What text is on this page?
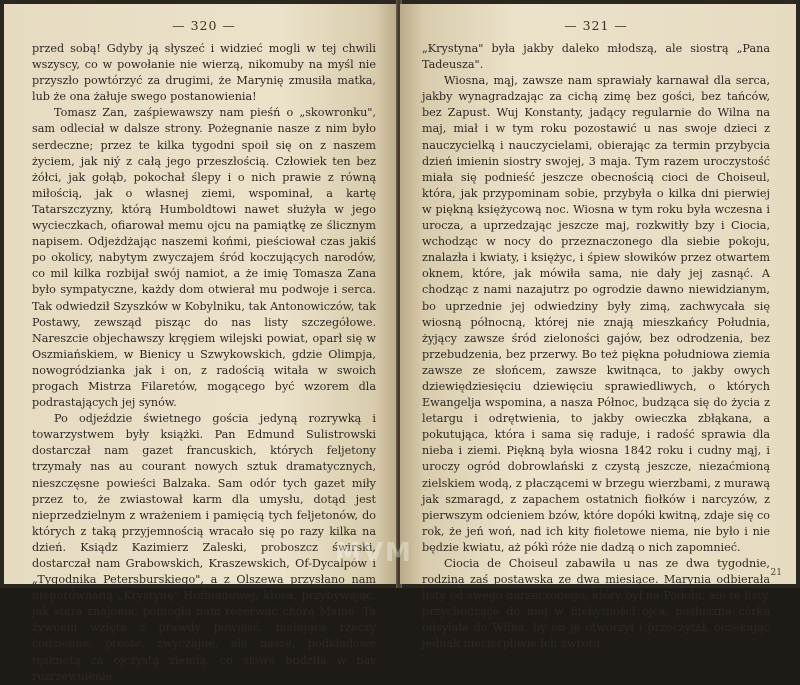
— 320 —

przed sobą! Gdyby ją słyszeć i widzieć mogli w tej chwili wszyscy, co w powołanie nie wierzą, nikomuby na myśl nie przyszło powtórzyć za drugimi, że Marynię zmusiła matka, lub że ona żałuje swego postanowienia!

Tomasz Zan, zaśpiewawszy nam pieśń o „skowronku", sam odleciał w dalsze strony. Pożegnanie nasze z nim było serdeczne; przez te kilka tygodni spoił się on z naszem życiem, jak niý z całą jego przeszłością. Człowiek ten bez żółci, jak gołąb, pokochał ślepy i o nich prawie z równą miłością, jak o własnej ziemi, wspominał, a kartę Tatarszczyzny, którą Humboldtowi nawet służyła w jego wycieczkach, ofiarował memu ojcu na pamiątkę ze ślicznym napisem. Odjeżdżając naszemi końmi, pieściował czas jakiś po okolicy, nabytym zwyczajem śród koczujących narodów, co mil kilka rozbijał swój namiot, a że imię Tomasza Zana było sympatyczne, każdy dom otwierał mu podwoje i serca. Tak odwiedził Szyszków w Kobylniku, tak Antonowiczów, tak Postawy, zewsząd pisząc do nas listy szczegółowe. Nareszcie objechawszy kręgiem wilejski powiat, oparł się w Oszmiańskiem, w Bienicy u Szwykowskich, gdzie Olimpja, nowogródzianka jak i on, z radością witała w swoich progach Mistrza Filaretów, mogącego być wzorem dla podrastających jej synów.

Po odjeździe świetnego gościa jedyną rozrywką i towarzystwem były książki. Pan Edmund Sulistrowski dostarczał nam gazet francuskich, których feljetony trzymały nas au courant nowych sztuk dramatycznych, nieszczęsne powieści Balzaka. Sam odór tych gazet miły przez to, że zwiastował karm dla umysłu, dotąd jest nieprzedzielnym z wrażeniem i pamięcią tych feljetonów, do których z taką przyjemnością wracało się po razy kilka na dzień. Ksiądz Kazimierz Zaleski, proboszcz świrski, dostarczał nam Grabowskich, Kraszewskich, Of-Dycalpów i „Tygodnika Petersburskiego", a z Olszewa przysłano nam nieporównaną „Krystynę" Hofmanowej, która, przybywając, jak stara znajoma, pomogła nam rozerwać chorą Mamę. Ta żywcem wzięta z prawdy powieść, malująca rzeczy codzienne, proste, zwyczajne, ale nasze, podkładowe tęsknotą za ojczystą ziemią, co słowo budziła w nas rozrzewnienie.

— 321 —

„Krystyna" była jakby daleko młodszą, ale siostrą „Pana Tadeusza".

Wiosna, mąj, zawsze nam sprawiały karnawał dla serca, jakby wynagradzając za cichą zimę bez gości, bez tańców, bez Zapust. Wuj Konstanty, jadący regularnie do Wilna na maj, miał i w tym roku pozostawić u nas swoje dzieci z nauczycielką i nauczycielami, obierając za termin przybycia dzień imienin siostry swojej, 3 maja. Tym razem uroczystość miała się podnieść jeszcze obecnością cioci de Choiseul, która, jak przypominam sobie, przybyła o kilka dni pierwiej w piękną księżycową noc. Wiosna w tym roku była wczesna i urocza, a uprzedzając jeszcze maj, rozkwitły bzy i Ciocia, wchodząc w nocy do przeznaczonego dla siebie pokoju, znalazła i kwiaty, i księżyc, i śpiew słowików przez otwartem oknem, które, jak mówiła sama, nie dały jej zasnąć. A chodząc z nami nazajutrz po ogrodzie dawno niewidzianym, bo uprzednie jej odwiedziny były zimą, zachwycała się wiosną północną, której nie znają mieszkańcy Południa, żyjący zawsze śród zieloności gajów, bez odrodzenia, bez przebudzenia, bez przerwy. Bo też piękna południowa ziemia zawsze ze słońcem, zawsze kwitnąca, to jakby owych dziewiędziesięciu dziewięciu sprawiedliwych, o których Ewangelja wspomina, a nasza Północ, budząca się do życia z letargu i odrętwienia, to jakby owieczka zbłąkana, a pokutująca, która i sama się raduje, i radość sprawia dla nieba i ziemi. Piękną była wiosna 1842 roku i cudny mąj, i uroczy ogród dobrowlański z czystą jeszcze, niezaćmioną zielskiem wodą, z płaczącemi w brzegu wierzbami, z murawą jak szmaragd, z zapachem ostatnich fiołków i narcyzów, z pierwszym odcieniem bzów, które dopóki kwitną, zdaje się co rok, że jeń woń, nad ich kity fioletowe niema, nie było i nie będzie kwiatu, aż pókì róże nie dadzą o nich zapomnieć.

Ciocia de Choiseul zabawiła u nas ze dwa tygodnie, rodzina zaś postawska ze dwa miesiące. Marynia odbierała listy od swego narzeczonego, który był na Podolu, ale te listy, przychodzące do niej w niebytności ojca, posłuszna córka odsyłała do Wilna, by on je otworzył i przeczytał, oczekując jednak niecierpliwie ich zwrotu.

21
MVM
